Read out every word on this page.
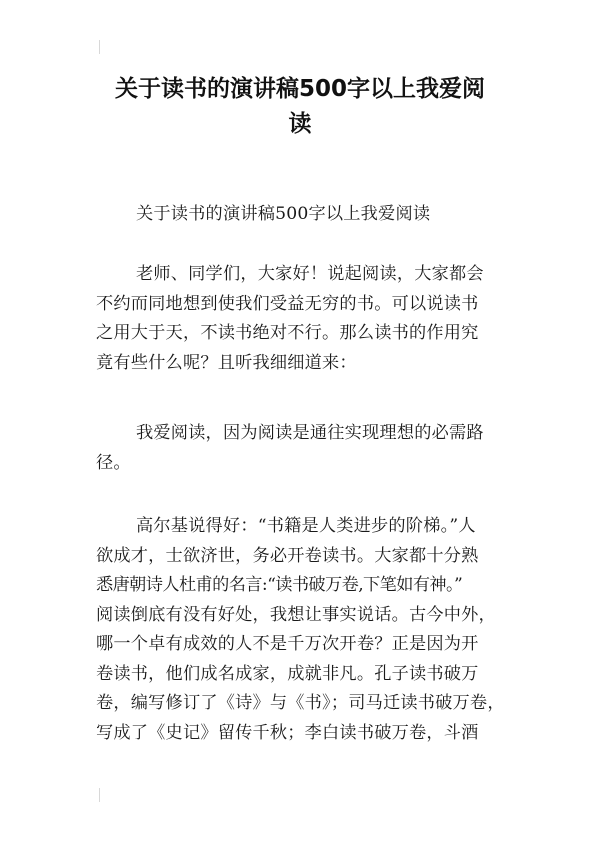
关于读书的演讲稿500字以上我爱阅
读

关于读书的演讲稿500字以上我爱阅读

老师、同学们，大家好！说起阅读，大家都会
不约而同地想到使我们受益无穷的书。可以说读书
之用大于天，不读书绝对不行。那么读书的作用究
竟有些什么呢？且听我细细道来：

我爱阅读，因为阅读是通往实现理想的必需路
径。

高尔基说得好：“书籍是人类进步的阶梯。”人
欲成才，士欲济世，务必开卷读书。大家都十分熟
悉唐朝诗人杜甫的名言:“读书破万卷,下笔如有神。”
阅读倒底有没有好处，我想让事实说话。古今中外，
哪一个卓有成效的人不是千万次开卷？正是因为开
卷读书，他们成名成家，成就非凡。孔子读书破万
卷，编写修订了《诗》与《书》；司马迁读书破万卷，
写成了《史记》留传千秋；李白读书破万卷，斗酒
